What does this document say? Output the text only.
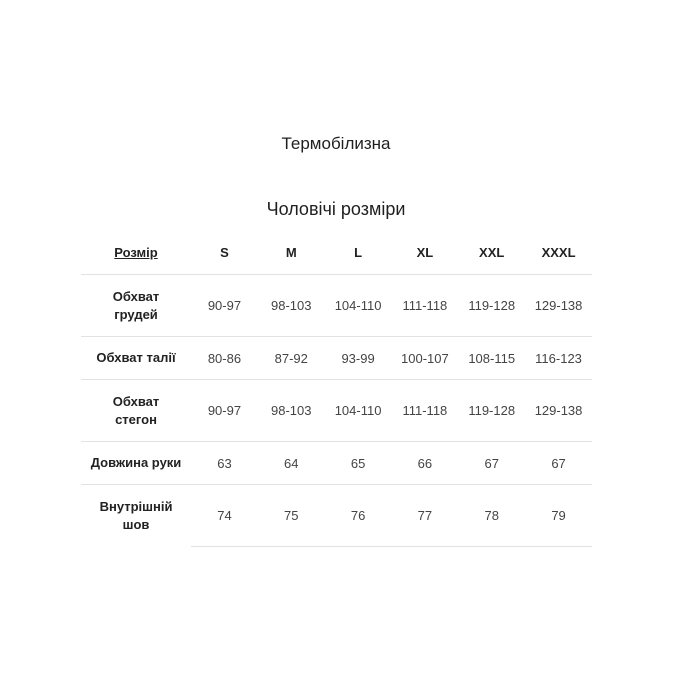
Термобілизна
Чоловічі розміри
Розмір	S	M	L	XL	XXL	XXXL
Обхват
грудей	90-97	98-103	104-110	111-118	119-128	129-138
Обхват талії	80-86	87-92	93-99	100-107	108-115	116-123
Обхват
стегон	90-97	98-103	104-110	111-118	119-128	129-138
Довжина руки	63	64	65	66	67	67
Внутрішній
шов	74	75	76	77	78	79
